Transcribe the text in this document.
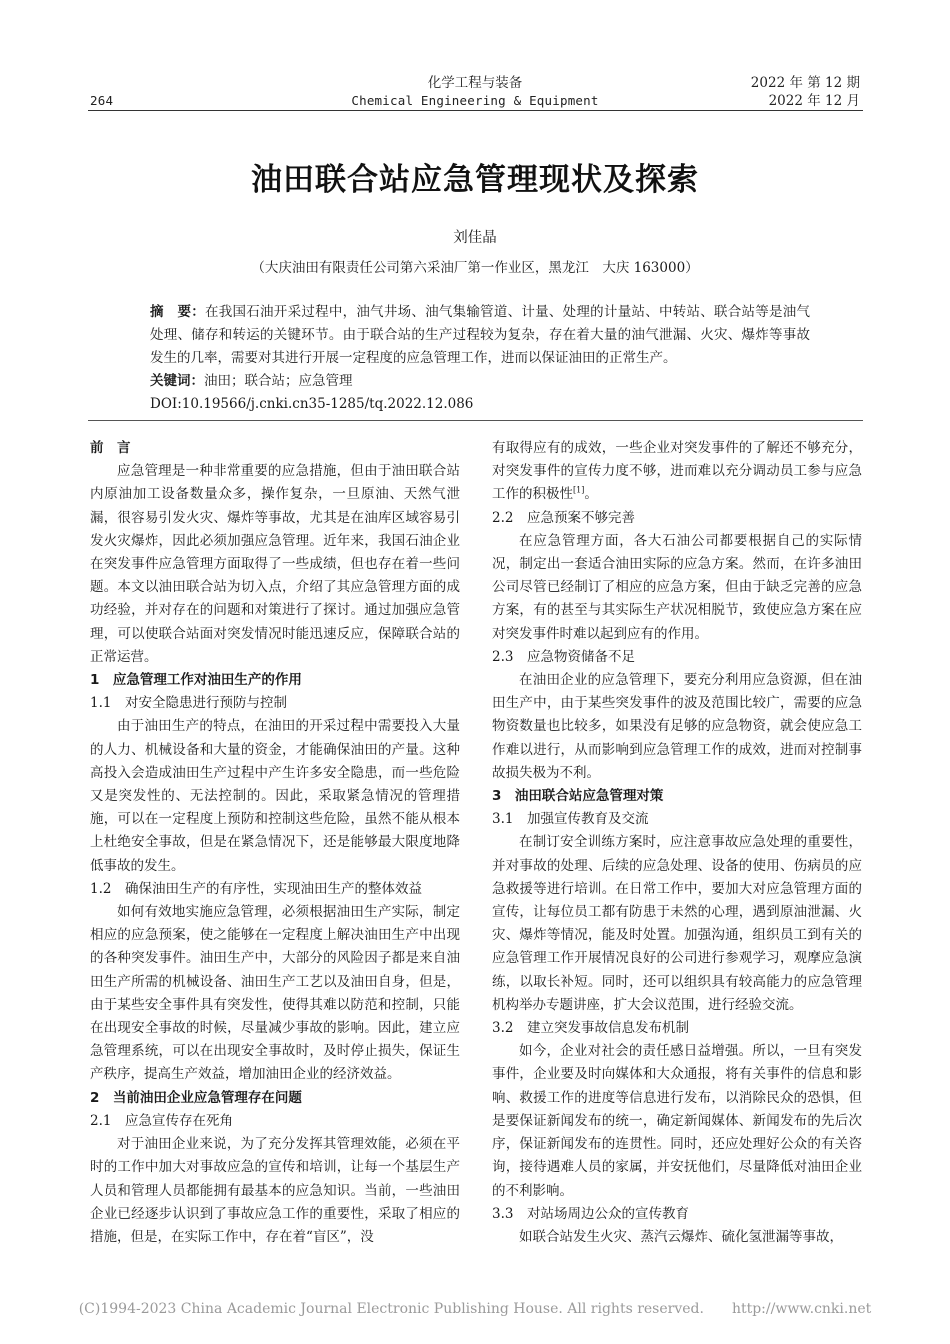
化学工程与装备	2022 年 第 12 期
264	Chemical Engineering & Equipment	2022 年 12 月
油田联合站应急管理现状及探索
刘佳晶
（大庆油田有限责任公司第六采油厂第一作业区，黑龙江　大庆 163000）

摘　要：在我国石油开采过程中，油气井场、油气集输管道、计量、处理的计量站、中转站、联合站等是油气处理、储存和转运的关键环节。由于联合站的生产过程较为复杂，存在着大量的油气泄漏、火灾、爆炸等事故发生的几率，需要对其进行开展一定程度的应急管理工作，进而以保证油田的正常生产。

关键词：油田；联合站；应急管理

DOI:10.19566/j.cnki.cn35-1285/tq.2022.12.086

前　言

应急管理是一种非常重要的应急措施，但由于油田联合站内原油加工设备数量众多，操作复杂，一旦原油、天然气泄漏，很容易引发火灾、爆炸等事故，尤其是在油库区域容易引发火灾爆炸，因此必须加强应急管理。近年来，我国石油企业在突发事件应急管理方面取得了一些成绩，但也存在着一些问题。本文以油田联合站为切入点，介绍了其应急管理方面的成功经验，并对存在的问题和对策进行了探讨。通过加强应急管理，可以使联合站面对突发情况时能迅速反应，保障联合站的正常运营。

1　应急管理工作对油田生产的作用
1.1　对安全隐患进行预防与控制

由于油田生产的特点，在油田的开采过程中需要投入大量的人力、机械设备和大量的资金，才能确保油田的产量。这种高投入会造成油田生产过程中产生许多安全隐患，而一些危险又是突发性的、无法控制的。因此，采取紧急情况的管理措施，可以在一定程度上预防和控制这些危险，虽然不能从根本上杜绝安全事故，但是在紧急情况下，还是能够最大限度地降低事故的发生。

1.2　确保油田生产的有序性，实现油田生产的整体效益

如何有效地实施应急管理，必须根据油田生产实际，制定相应的应急预案，使之能够在一定程度上解决油田生产中出现的各种突发事件。油田生产中，大部分的风险因子都是来自油田生产所需的机械设备、油田生产工艺以及油田自身，但是，由于某些安全事件具有突发性，使得其难以防范和控制，只能在出现安全事故的时候，尽量减少事故的影响。因此，建立应急管理系统，可以在出现安全事故时，及时停止损失，保证生产秩序，提高生产效益，增加油田企业的经济效益。

2　当前油田企业应急管理存在问题
2.1　应急宣传存在死角

对于油田企业来说，为了充分发挥其管理效能，必须在平时的工作中加大对事故应急的宣传和培训，让每一个基层生产人员和管理人员都能拥有最基本的应急知识。当前，一些油田企业已经逐步认识到了事故应急工作的重要性，采取了相应的措施，但是，在实际工作中，存在着“盲区”，没

有取得应有的成效，一些企业对突发事件的了解还不够充分，对突发事件的宣传力度不够，进而难以充分调动员工参与应急工作的积极性[1]。

2.2　应急预案不够完善

在应急管理方面，各大石油公司都要根据自己的实际情况，制定出一套适合油田实际的应急方案。然而，在许多油田公司尽管已经制订了相应的应急方案，但由于缺乏完善的应急方案，有的甚至与其实际生产状况相脱节，致使应急方案在应对突发事件时难以起到应有的作用。

2.3　应急物资储备不足

在油田企业的应急管理下，要充分利用应急资源，但在油田生产中，由于某些突发事件的波及范围比较广，需要的应急物资数量也比较多，如果没有足够的应急物资，就会使应急工作难以进行，从而影响到应急管理工作的成效，进而对控制事故损失极为不利。

3　油田联合站应急管理对策
3.1　加强宣传教育及交流

在制订安全训练方案时，应注意事故应急处理的重要性，并对事故的处理、后续的应急处理、设备的使用、伤病员的应急救援等进行培训。在日常工作中，要加大对应急管理方面的宣传，让每位员工都有防患于未然的心理，遇到原油泄漏、火灾、爆炸等情况，能及时处置。加强沟通，组织员工到有关的应急管理工作开展情况良好的公司进行参观学习，观摩应急演练，以取长补短。同时，还可以组织具有较高能力的应急管理机构举办专题讲座，扩大会议范围，进行经验交流。

3.2　建立突发事故信息发布机制

如今，企业对社会的责任感日益增强。所以，一旦有突发事件，企业要及时向媒体和大众通报，将有关事件的信息和影响、救援工作的进度等信息进行发布，以消除民众的恐惧，但是要保证新闻发布的统一，确定新闻媒体、新闻发布的先后次序，保证新闻发布的连贯性。同时，还应处理好公众的有关咨询，接待遇难人员的家属，并安抚他们，尽量降低对油田企业的不利影响。

3.3　对站场周边公众的宣传教育

如联合站发生火灾、蒸汽云爆炸、硫化氢泄漏等事故，

(C)1994-2023 China Academic Journal Electronic Publishing House. All rights reserved.　　http://www.cnki.net
